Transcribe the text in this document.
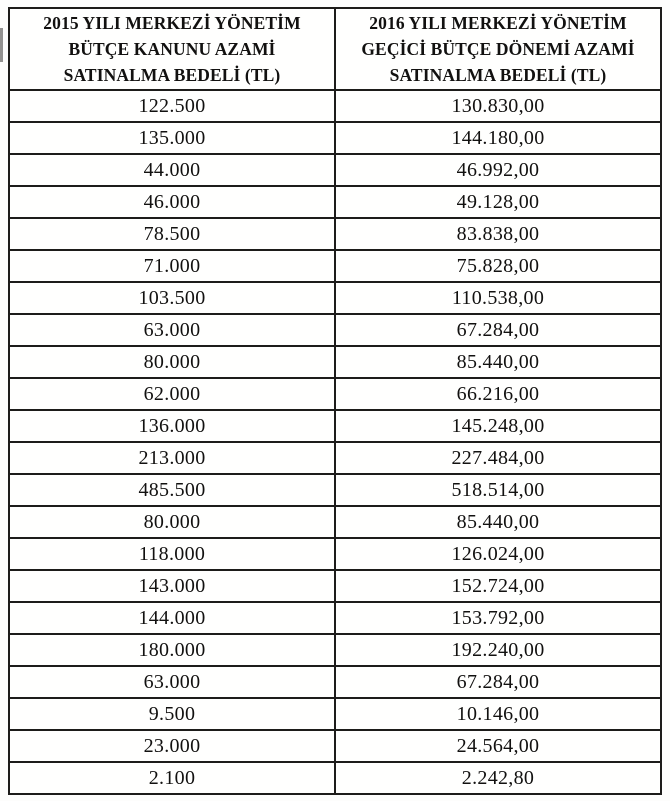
2015 YILI MERKEZİ YÖNETİM
BÜTÇE KANUNU AZAMİ
SATINALMA BEDELİ (TL)	2016 YILI MERKEZİ YÖNETİM
GEÇİCİ BÜTÇE DÖNEMİ AZAMİ
SATINALMA BEDELİ (TL)

122.500	130.830,00
135.000	144.180,00
44.000	46.992,00
46.000	49.128,00
78.500	83.838,00
71.000	75.828,00
103.500	110.538,00
63.000	67.284,00
80.000	85.440,00
62.000	66.216,00
136.000	145.248,00
213.000	227.484,00
485.500	518.514,00
80.000	85.440,00
118.000	126.024,00
143.000	152.724,00
144.000	153.792,00
180.000	192.240,00
63.000	67.284,00
9.500	10.146,00
23.000	24.564,00
2.100	2.242,80
